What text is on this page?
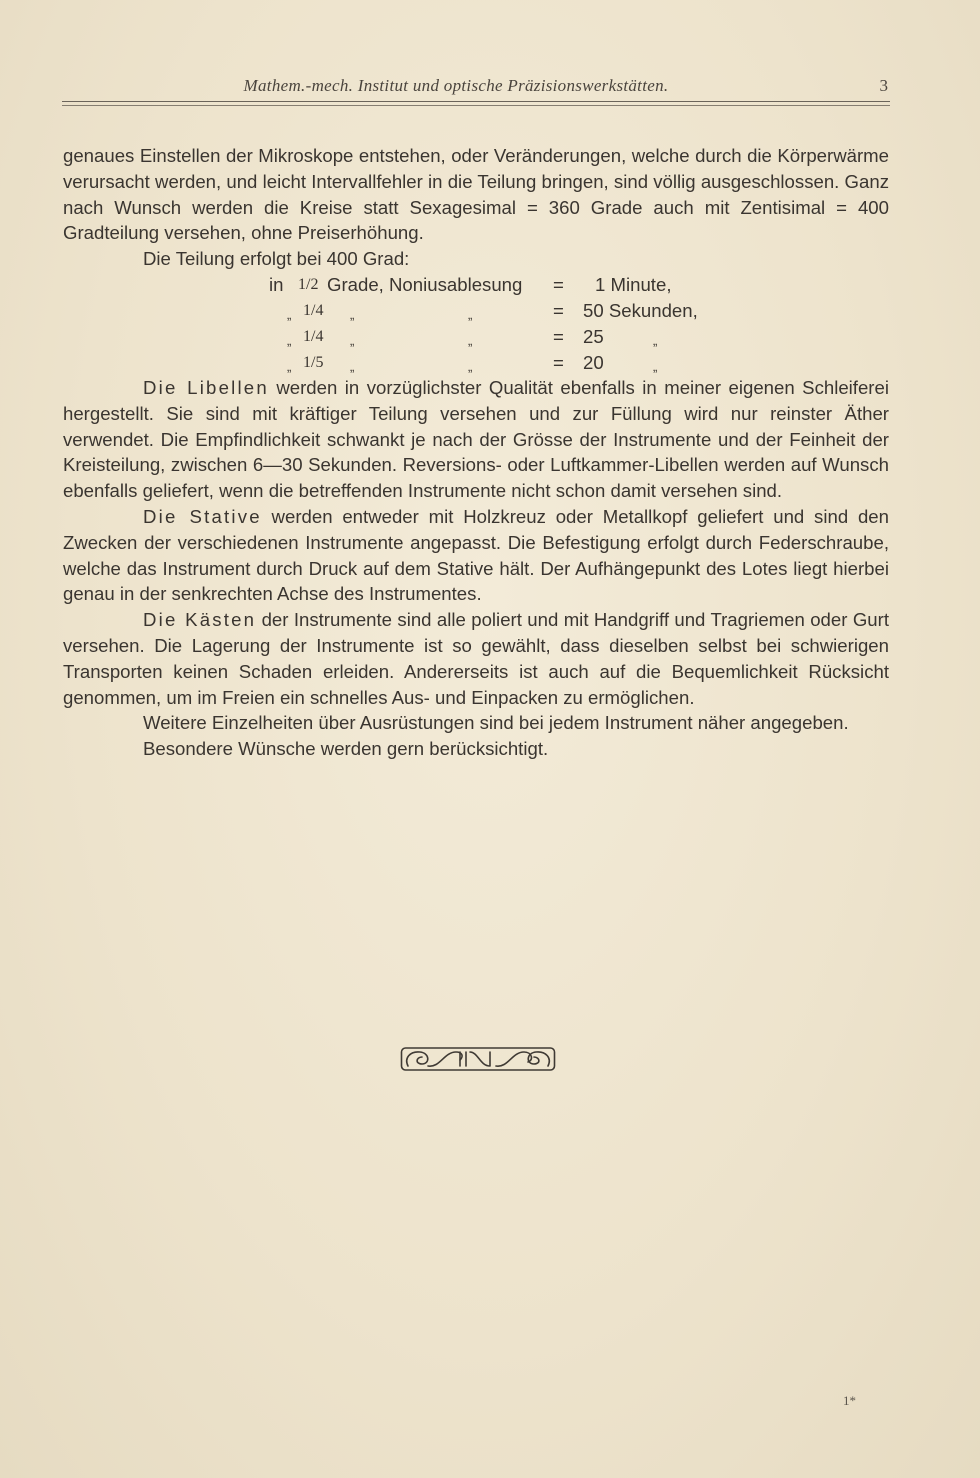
Mathem.-mech. Institut und optische Präzisionswerkstätten.	3

genaues Einstellen der Mikroskope entstehen, oder Veränderungen, welche durch die Körperwärme verursacht werden, und leicht Intervallfehler in die Teilung bringen, sind völlig ausgeschlossen. Ganz nach Wunsch werden die Kreise statt Sexagesimal = 360 Grade auch mit Zentisimal = 400 Gradteilung versehen, ohne Preiserhöhung.

Die Teilung erfolgt bei 400 Grad:

in 1/2 Grade, Noniusablesung = 1 Minute,
„ 1/4 „	„	= 50 Sekunden,
„ 1/4 „	„	= 25	„
„ 1/5 „	„	= 20	„

Die Libellen werden in vorzüglichster Qualität ebenfalls in meiner eigenen Schleiferei hergestellt. Sie sind mit kräftiger Teilung versehen und zur Füllung wird nur reinster Äther verwendet. Die Empfindlichkeit schwankt je nach der Grösse der Instrumente und der Feinheit der Kreisteilung, zwischen 6—30 Sekunden. Reversions- oder Luftkammer-Libellen werden auf Wunsch ebenfalls geliefert, wenn die betreffenden Instrumente nicht schon damit versehen sind.

Die Stative werden entweder mit Holzkreuz oder Metallkopf geliefert und sind den Zwecken der verschiedenen Instrumente angepasst. Die Befestigung erfolgt durch Federschraube, welche das Instrument durch Druck auf dem Stative hält. Der Aufhängepunkt des Lotes liegt hierbei genau in der senkrechten Achse des Instrumentes.

Die Kästen der Instrumente sind alle poliert und mit Handgriff und Tragriemen oder Gurt versehen. Die Lagerung der Instrumente ist so gewählt, dass dieselben selbst bei schwierigen Transporten keinen Schaden erleiden. Andererseits ist auch auf die Bequemlichkeit Rücksicht genommen, um im Freien ein schnelles Aus- und Einpacken zu ermöglichen.

Weitere Einzelheiten über Ausrüstungen sind bei jedem Instrument näher angegeben.

Besondere Wünsche werden gern berücksichtigt.

1*
